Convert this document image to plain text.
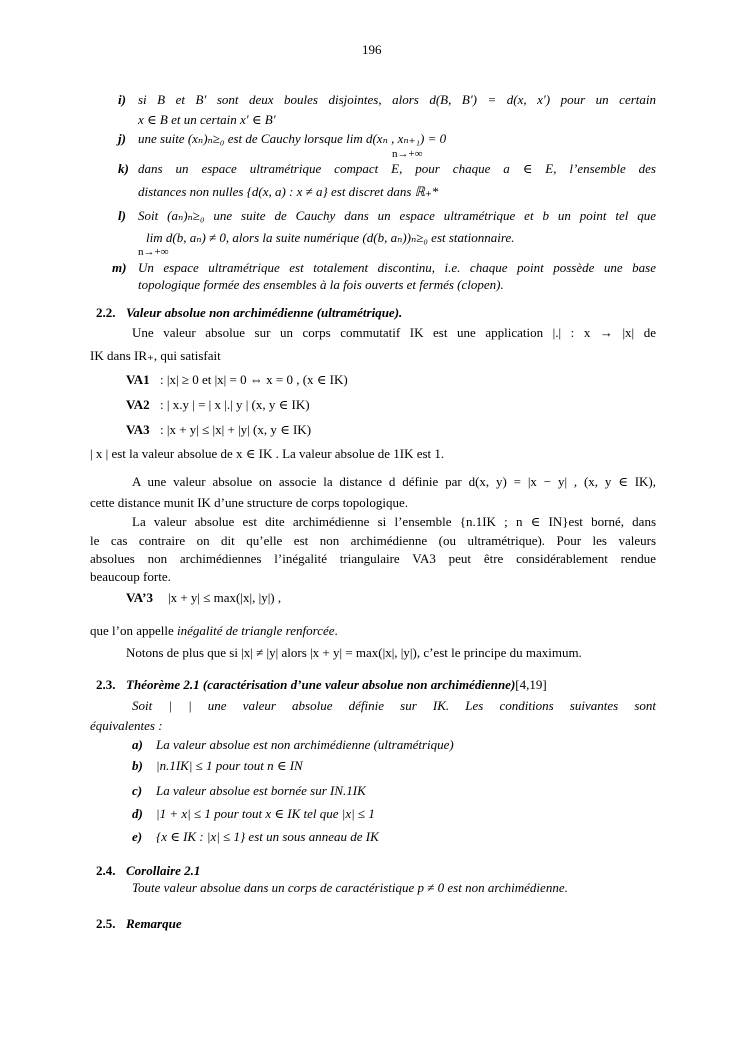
196
i) si B et B′ sont deux boules disjointes, alors d(B, B′) = d(x, x′) pour un certain
x ∈ B et un certain x′ ∈ B′
j) une suite (xₙ)ₙ≥₀ est de Cauchy lorsque lim d(xₙ , xₙ₊₁) = 0
n→+∞
k) dans un espace ultramétrique compact E, pour chaque a ∈ E, l’ensemble des
distances non nulles {d(x, a) : x ≠ a} est discret dans ℝ₊*
l) Soit (aₙ)ₙ≥₀ une suite de Cauchy dans un espace ultramétrique et b un point tel que
lim d(b, aₙ) ≠ 0, alors la suite numérique (d(b, aₙ))ₙ≥₀ est stationnaire.
n→+∞
m) Un espace ultramétrique est totalement discontinu, i.e. chaque point possède une base
topologique formée des ensembles à la fois ouverts et fermés (clopen).
2.2. Valeur absolue non archimédienne (ultramétrique).
Une valeur absolue sur un corps commutatif IK est une application |.| : x → |x| de
IK dans IR₊, qui satisfait
VA1 : |x| ≥ 0 et |x| = 0 ⇔ x = 0 , (x ∈ IK)
VA2 : | x.y | = | x |.| y | (x, y ∈ IK)
VA3 : |x + y| ≤ |x| + |y| (x, y ∈ IK)
| x | est la valeur absolue de x ∈ IK . La valeur absolue de 1IK est 1.
A une valeur absolue on associe la distance d définie par d(x, y) = |x − y| , (x, y ∈ IK),
cette distance munit IK d’une structure de corps topologique.
La valeur absolue est dite archimédienne si l’ensemble {n.1IK ; n ∈ IN}est borné, dans
le cas contraire on dit qu’elle est non archimédienne (ou ultramétrique). Pour les valeurs
absolues non archimédiennes l’inégalité triangulaire VA3 peut être considérablement rendue
beaucoup forte.
VA’3 |x + y| ≤ max(|x|, |y|) ,
que l’on appelle inégalité de triangle renforcée.
Notons de plus que si |x| ≠ |y| alors |x + y| = max(|x|, |y|), c’est le principe du maximum.
2.3. Théorème 2.1 (caractérisation d’une valeur absolue non archimédienne)[4,19]
Soit | | une valeur absolue définie sur IK. Les conditions suivantes sont
équivalentes :
a) La valeur absolue est non archimédienne (ultramétrique)
b) |n.1IK| ≤ 1 pour tout n ∈ IN
c) La valeur absolue est bornée sur IN.1IK
d) |1 + x| ≤ 1 pour tout x ∈ IK tel que |x| ≤ 1
e) {x ∈ IK : |x| ≤ 1} est un sous anneau de IK
2.4. Corollaire 2.1
Toute valeur absolue dans un corps de caractéristique p ≠ 0 est non archimédienne.
2.5. Remarque
